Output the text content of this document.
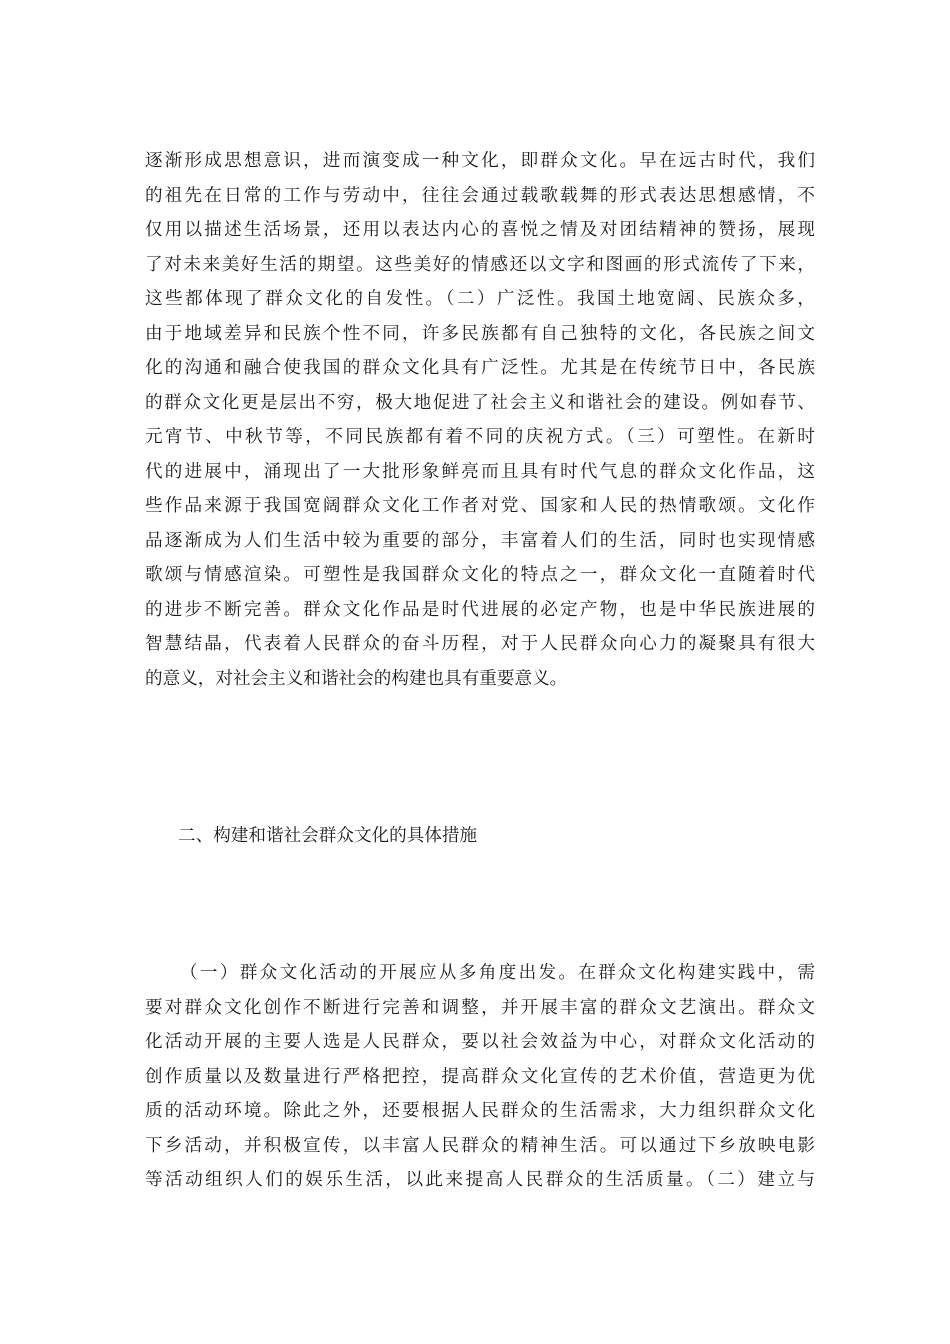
逐渐形成思想意识，进而演变成一种文化，即群众文化。早在远古时代，我们
的祖先在日常的工作与劳动中，往往会通过载歌载舞的形式表达思想感情，不
仅用以描述生活场景，还用以表达内心的喜悦之情及对团结精神的赞扬，展现
了对未来美好生活的期望。这些美好的情感还以文字和图画的形式流传了下来，
这些都体现了群众文化的自发性。（二）广泛性。我国土地宽阔、民族众多，
由于地域差异和民族个性不同，许多民族都有自己独特的文化，各民族之间文
化的沟通和融合使我国的群众文化具有广泛性。尤其是在传统节日中，各民族
的群众文化更是层出不穷，极大地促进了社会主义和谐社会的建设。例如春节、
元宵节、中秋节等，不同民族都有着不同的庆祝方式。（三）可塑性。在新时
代的进展中，涌现出了一大批形象鲜亮而且具有时代气息的群众文化作品，这
些作品来源于我国宽阔群众文化工作者对党、国家和人民的热情歌颂。文化作
品逐渐成为人们生活中较为重要的部分，丰富着人们的生活，同时也实现情感
歌颂与情感渲染。可塑性是我国群众文化的特点之一，群众文化一直随着时代
的进步不断完善。群众文化作品是时代进展的必定产物，也是中华民族进展的
智慧结晶，代表着人民群众的奋斗历程，对于人民群众向心力的凝聚具有很大
的意义，对社会主义和谐社会的构建也具有重要意义。
二、构建和谐社会群众文化的具体措施
（一）群众文化活动的开展应从多角度出发。在群众文化构建实践中，需
要对群众文化创作不断进行完善和调整，并开展丰富的群众文艺演出。群众文
化活动开展的主要人选是人民群众，要以社会效益为中心，对群众文化活动的
创作质量以及数量进行严格把控，提高群众文化宣传的艺术价值，营造更为优
质的活动环境。除此之外，还要根据人民群众的生活需求，大力组织群众文化
下乡活动，并积极宣传，以丰富人民群众的精神生活。可以通过下乡放映电影
等活动组织人们的娱乐生活，以此来提高人民群众的生活质量。（二）建立与
